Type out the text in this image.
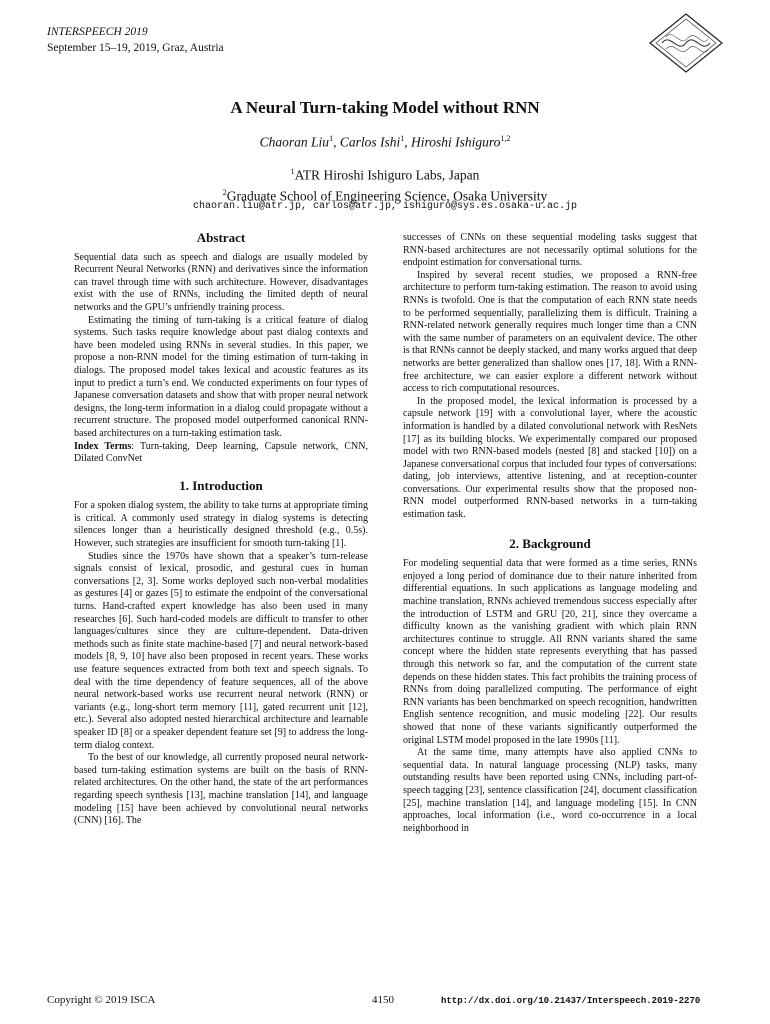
INTERSPEECH 2019
September 15–19, 2019, Graz, Austria
A Neural Turn-taking Model without RNN
Chaoran Liu$^1$, Carlos Ishi$^1$, Hiroshi Ishiguro$^{1,2}$
$^1$ATR Hiroshi Ishiguro Labs, Japan
$^2$Graduate School of Engineering Science, Osaka University
chaoran.liu@atr.jp, carlos@atr.jp, ishiguro@sys.es.osaka-u.ac.jp
Abstract

Sequential data such as speech and dialogs are usually modeled by Recurrent Neural Networks (RNN) and derivatives since the information can travel through time with such architecture. However, disadvantages exist with the use of RNNs, including the limited depth of neural networks and the GPU’s unfriendly training process.

Estimating the timing of turn-taking is a critical feature of dialog systems. Such tasks require knowledge about past dialog contexts and have been modeled using RNNs in several studies. In this paper, we propose a non-RNN model for the timing estimation of turn-taking in dialogs. The proposed model takes lexical and acoustic features as its input to predict a turn’s end. We conducted experiments on four types of Japanese conversation datasets and show that with proper neural network designs, the long-term information in a dialog could propagate without a recurrent structure. The proposed model outperformed canonical RNN-based architectures on a turn-taking estimation task.

Index Terms: Turn-taking, Deep learning, Capsule network, CNN, Dilated ConvNet

1. Introduction

For a spoken dialog system, the ability to take turns at appropriate timing is critical. A commonly used strategy in dialog systems is detecting silences longer than a heuristically designed threshold (e.g., 0.5s). However, such strategies are insufficient for smooth turn-taking [1].

Studies since the 1970s have shown that a speaker’s turn-release signals consist of lexical, prosodic, and gestural cues in human conversations [2, 3]. Some works deployed such non-verbal modalities as gestures [4] or gazes [5] to estimate the endpoint of the conversational turns. Hand-crafted expert knowledge has also been used in many researches [6]. Such hard-coded models are difficult to transfer to other languages/cultures since they are culture-dependent. Data-driven methods such as finite state machine-based [7] and neural network-based models [8, 9, 10] have also been proposed in recent years. These works use feature sequences extracted from both text and speech signals. To deal with the time dependency of feature sequences, all of the above neural network-based works use recurrent neural network (RNN) or variants (e.g., long-short term memory [11], gated recurrent unit [12], etc.). Several also adopted nested hierarchical architecture and learnable speaker ID [8] or a speaker dependent feature set [9] to address the long-term dialog context.

To the best of our knowledge, all currently proposed neural network-based turn-taking estimation systems are built on the basis of RNN-related architectures. On the other hand, the state of the art performances regarding speech synthesis [13], machine translation [14], and language modeling [15] have been achieved by convolutional neural networks (CNN) [16]. The

successes of CNNs on these sequential modeling tasks suggest that RNN-based architectures are not necessarily optimal solutions for the endpoint estimation for conversational turns.

Inspired by several recent studies, we proposed a RNN-free architecture to perform turn-taking estimation. The reason to avoid using RNNs is twofold. One is that the computation of each RNN state needs to be performed sequentially, parallelizing them is difficult. Training a RNN-related network generally requires much longer time than a CNN with the same number of parameters on an equivalent device. The other is that RNNs cannot be deeply stacked, and many works argued that deep networks are better generalized than shallow ones [17, 18]. With a RNN-free architecture, we can easier explore a different network without access to rich computational resources.

In the proposed model, the lexical information is processed by a capsule network [19] with a convolutional layer, where the acoustic information is handled by a dilated convolutional network with ResNets [17] as its building blocks. We experimentally compared our proposed model with two RNN-based models (nested [8] and stacked [10]) on a Japanese conversational corpus that included four types of conversations: dating, job interviews, attentive listening, and at reception-counter conversations. Our experimental results show that the proposed non-RNN model outperformed RNN-based networks in a turn-taking estimation task.

2. Background

For modeling sequential data that were formed as a time series, RNNs enjoyed a long period of dominance due to their nature inherited from differential equations. In such applications as language modeling and machine translation, RNNs achieved tremendous success especially after the introduction of LSTM and GRU [20, 21], since they overcame a difficulty known as the vanishing gradient with which plain RNN architectures continue to struggle. All RNN variants shared the same concept where the hidden state represents everything that has passed through this network so far, and the computation of the current state depends on these hidden states. This fact prohibits the training process of RNNs from doing parallelized computing. The performance of eight RNN variants has been benchmarked on speech recognition, handwritten English sentence recognition, and music modeling [22]. Our results showed that none of these variants significantly outperformed the original LSTM model proposed in the late 1990s [11].

At the same time, many attempts have also applied CNNs to sequential data. In natural language processing (NLP) tasks, many outstanding results have been reported using CNNs, including part-of-speech tagging [23], sentence classification [24], document classification [25], machine translation [14], and language modeling [15]. In CNN approaches, local information (i.e., word co-occurrence in a local neighborhood in

Copyright © 2019 ISCA	4150	http://dx.doi.org/10.21437/Interspeech.2019-2270
